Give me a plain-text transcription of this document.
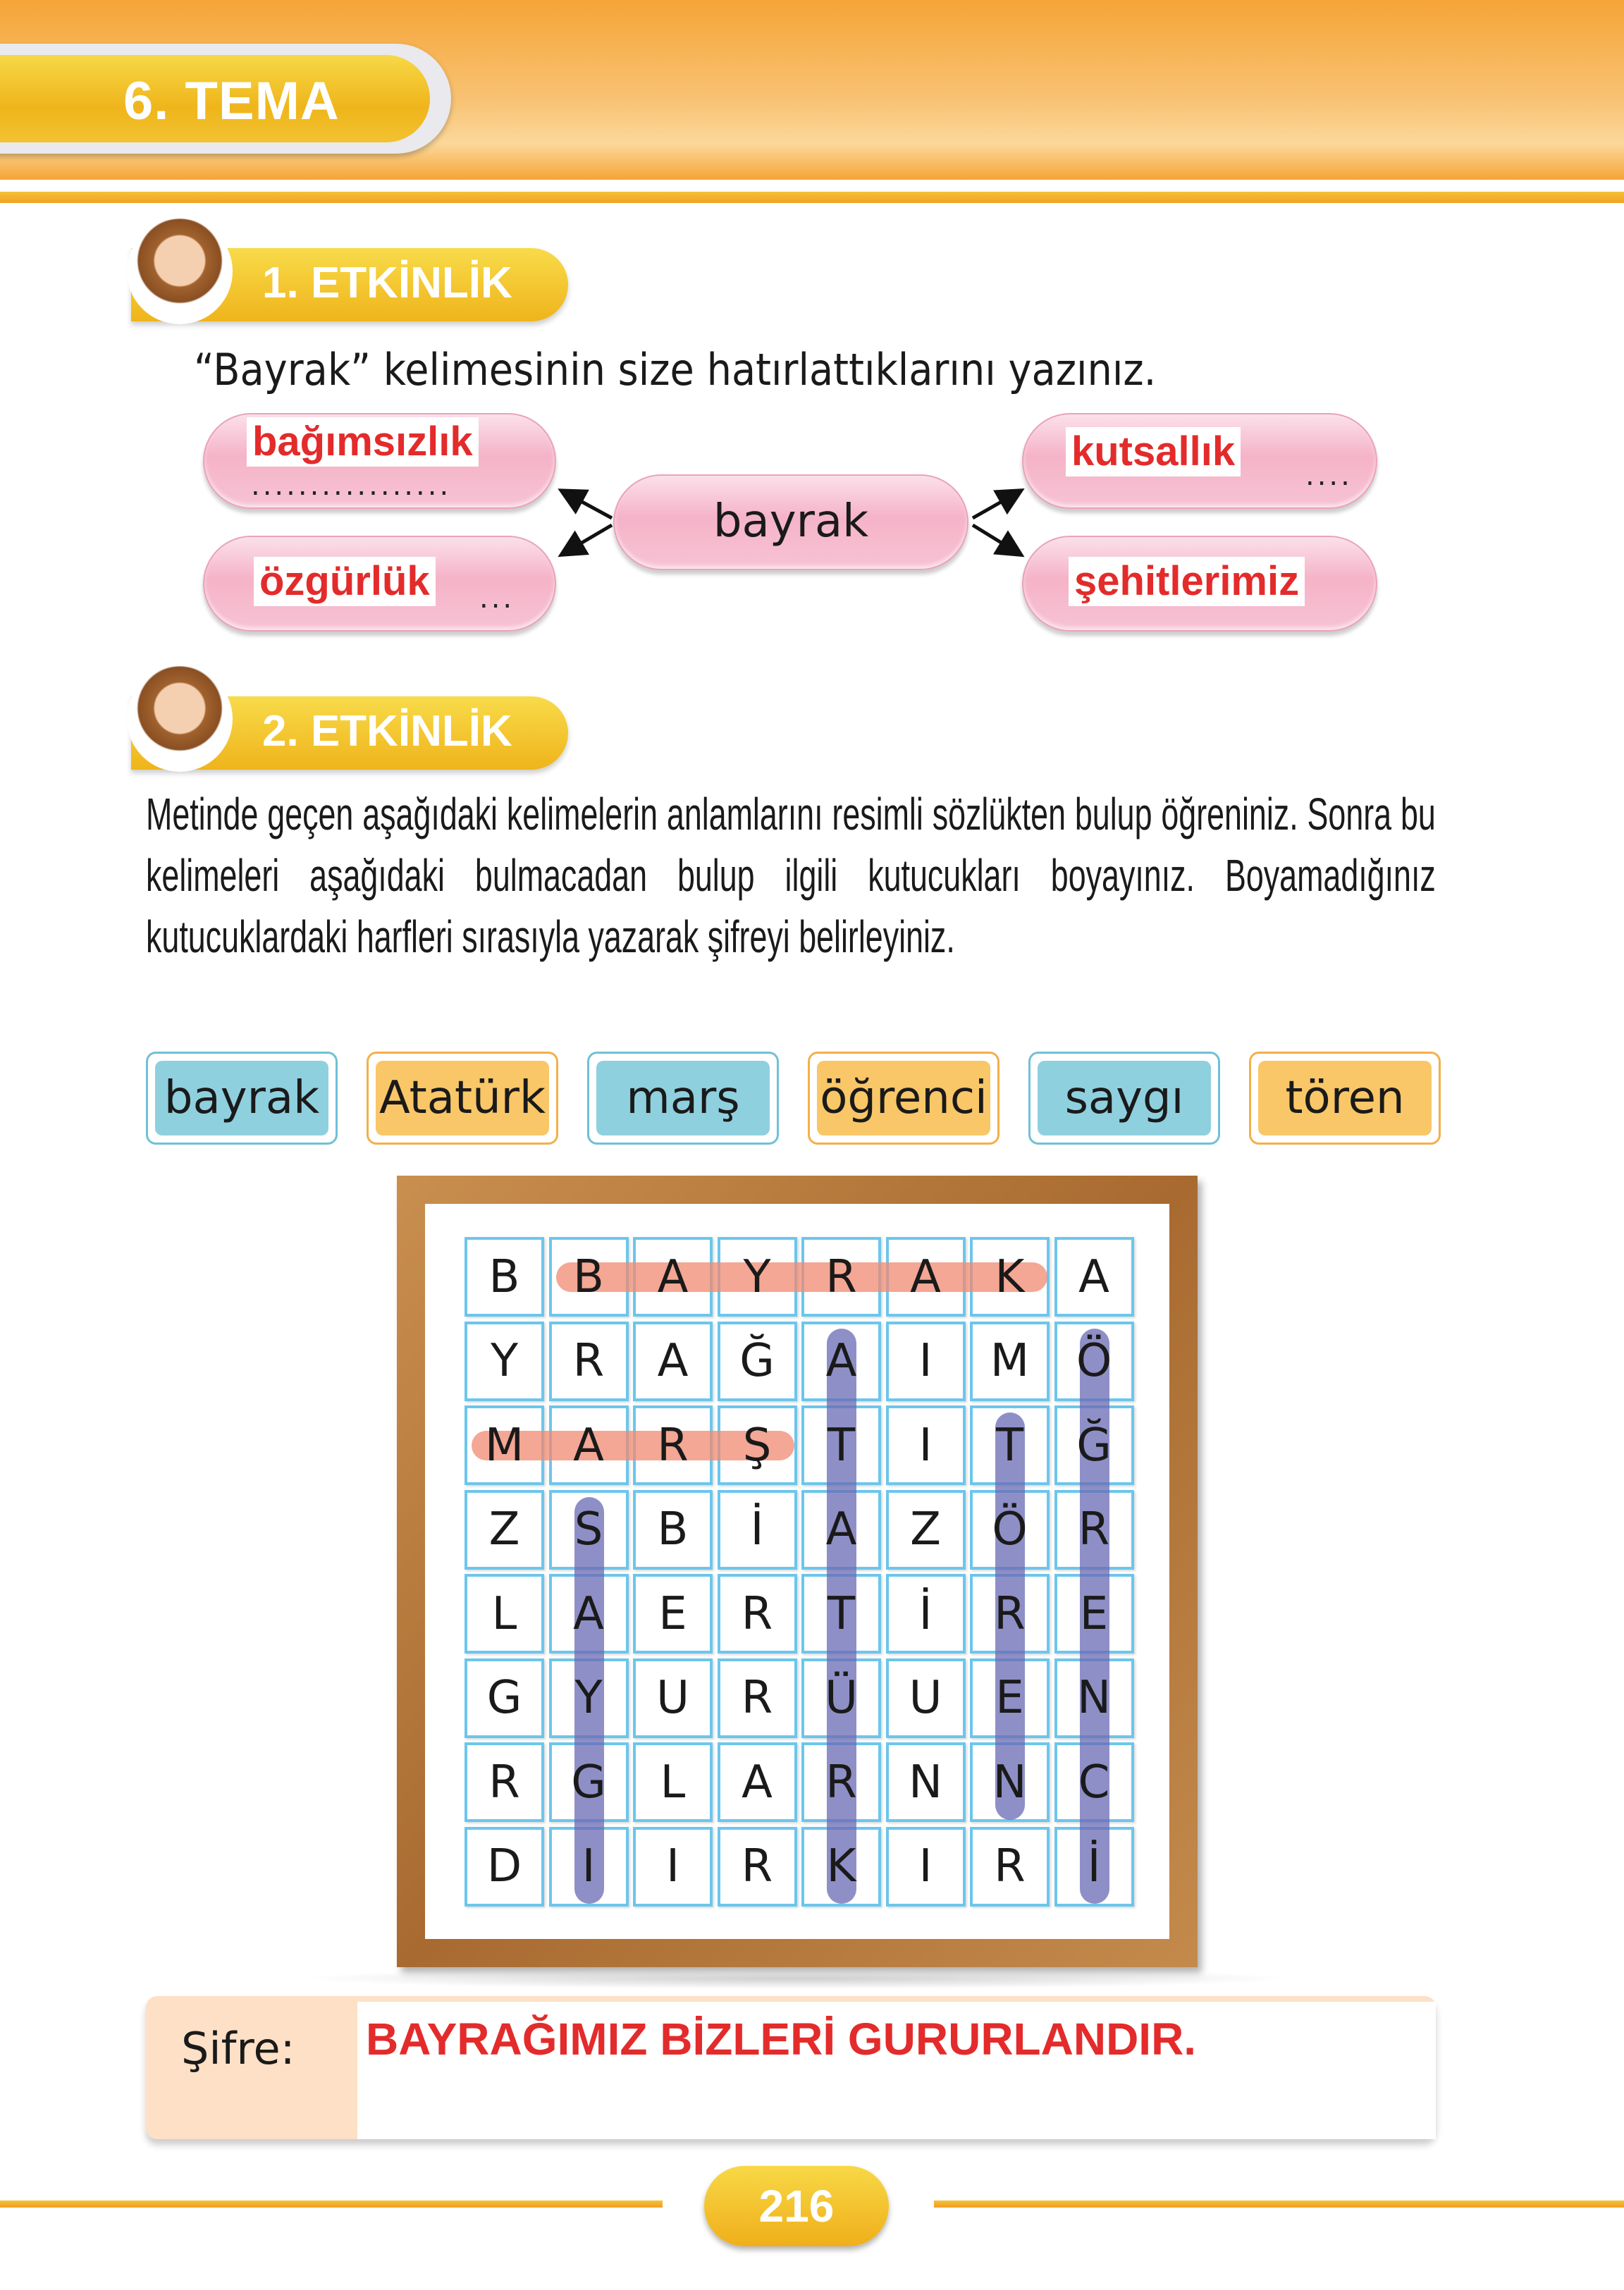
6. TEMA
1. ETKİNLİK
“Bayrak” kelimesinin size hatırlattıklarını yazınız.
bağımsızlık
.................
özgürlük ...
bayrak
kutsallık
....
şehitlerimiz
2. ETKİNLİK
Metinde geçen aşağıdaki kelimelerin anlamlarını resimli sözlükten bulup öğreniniz. Sonra bu kelimeleri aşağıdaki bulmacadan bulup ilgili kutucukları boyayınız. Boyamadığınız kutucuklardaki harfleri sırasıyla yazarak şifreyi belirleyiniz.
bayrak Atatürk marş öğrenci saygı tören
B	B	A	Y	R	A	K	A
Y	R	A	Ğ	A	I	M	Ö
M	A	R	Ş	T	I	T	Ğ
Z	S	B	İ	A	Z	Ö	R
L	A	E	R	T	İ	R	E
G	Y	U	R	Ü	U	E	N
R	G	L	A	R	N	N	C
D	I	I	R	K	I	R	İ
Şifre: BAYRAĞIMIZ BİZLERİ GURURLANDIR.
216
